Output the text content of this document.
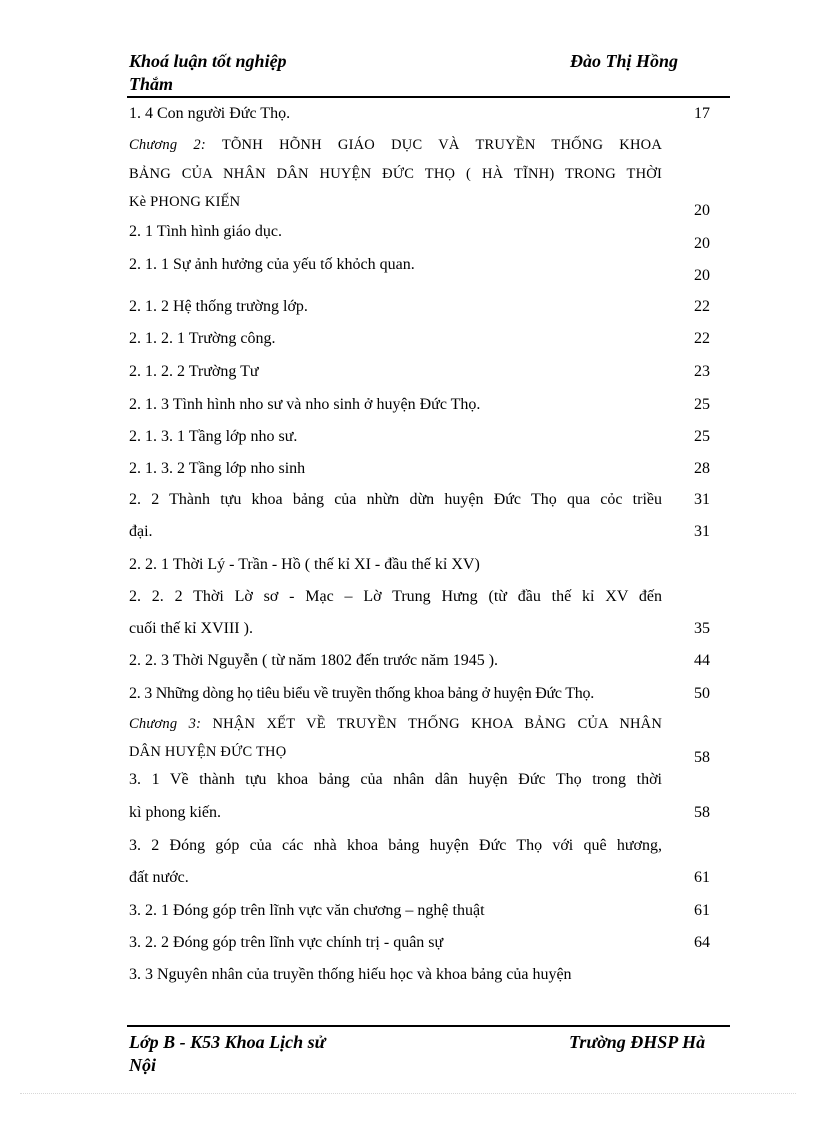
Khoá luận tốt nghiệp	Đào Thị Hồng
Thắm
1. 4 Con người Đức Thọ.
Chương 2: TÕNH HÕNH GIÁO DỤC VÀ TRUYỀN THỐNG KHOA
BẢNG CỦA NHÂN DÂN HUYỆN ĐỨC THỌ ( HÀ TĨNH) TRONG THỜI
Kè PHONG KIẾN
2. 1 Tình hình giáo dục.
2. 1. 1 Sự ảnh hưởng của yếu tố khỏch quan.
2. 1. 2 Hệ thống trường lớp.
2. 1. 2. 1 Trường công.
2. 1. 2. 2 Trường Tư
2. 1. 3 Tình hình nho sư và nho sinh ở huyện Đức Thọ.
2. 1. 3. 1 Tầng lớp nho sư.
2. 1. 3. 2 Tầng lớp nho sinh
2. 2 Thành tựu khoa bảng của nhừn dừn huyện Đức Thọ qua cỏc triều
đại.
2. 2. 1 Thời Lý - Trần - Hồ ( thế kỉ XI - đầu thế kỉ XV)
2. 2. 2 Thời Lờ sơ - Mạc – Lờ Trung Hưng (từ đầu thế kỉ XV đến
cuối thế kỉ XVIII ).
2. 2. 3 Thời Nguyễn ( từ năm 1802 đến trước năm 1945 ).
2. 3 Những dòng họ tiêu biểu về truyền thống khoa bảng ở huyện Đức Thọ.
Chương 3: NHẬN XẾT VỀ TRUYỀN THỐNG KHOA BẢNG CỦA NHÂN
DÂN HUYỆN ĐỨC THỌ
3. 1 Về thành tựu khoa bảng của nhân dân huyện Đức Thọ trong thời
kì phong kiến.
3. 2 Đóng góp của các nhà khoa bảng huyện Đức Thọ với quê hương,
đất nước.
3. 2. 1 Đóng góp trên lĩnh vực văn chương – nghệ thuật
3. 2. 2 Đóng góp trên lĩnh vực chính trị - quân sự
3. 3 Nguyên nhân của truyền thống hiếu học và khoa bảng của huyện
17
20
20
20
22
22
23
25
25
28
31
31
35
44
50
58
58
61
61
64
Lớp B - K53 Khoa Lịch sử	Trường ĐHSP Hà
Nội
